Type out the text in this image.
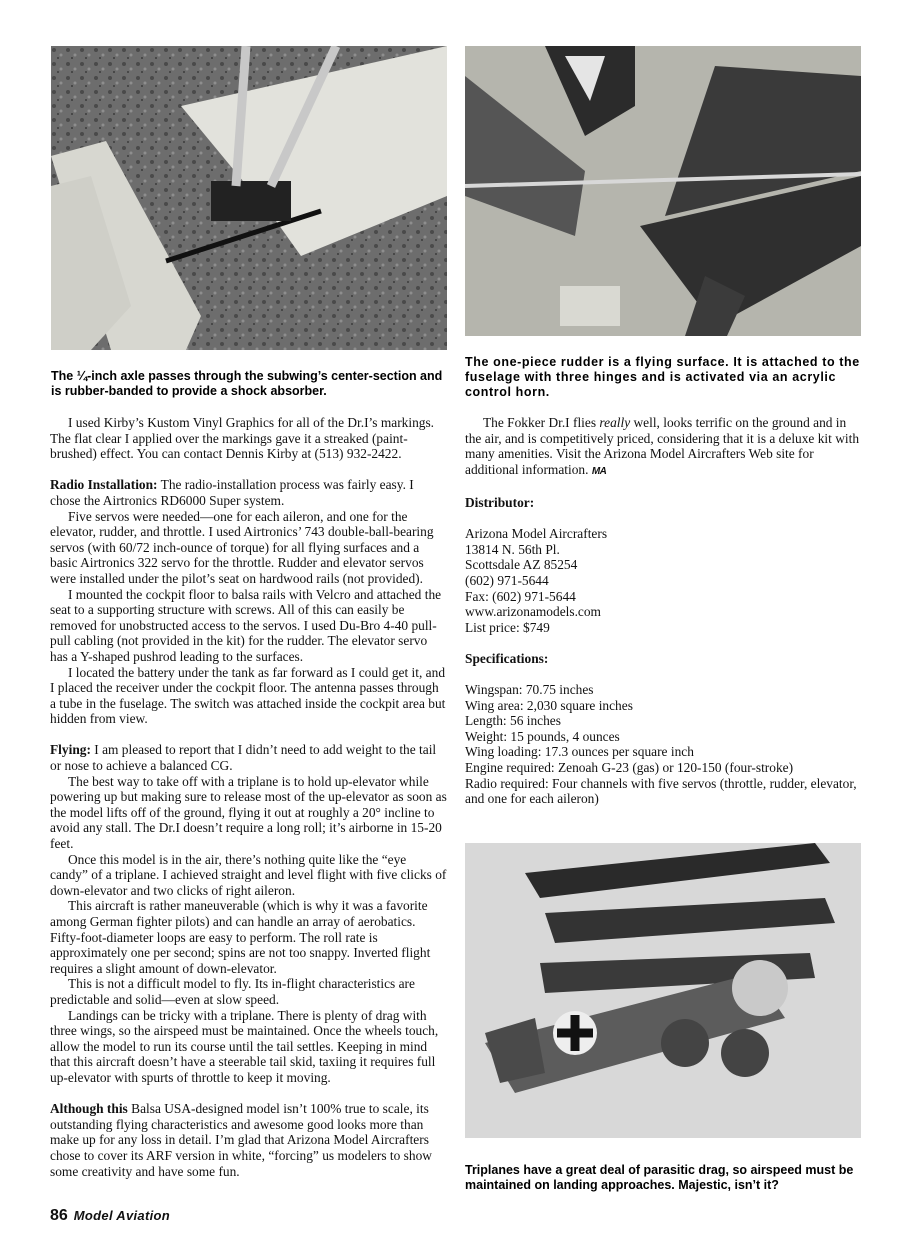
The ¼-inch axle passes through the subwing’s center-section and is rubber-banded to provide a shock absorber.

The one-piece rudder is a flying surface. It is attached to the fuselage with three hinges and is activated via an acrylic control horn.

I used Kirby’s Kustom Vinyl Graphics for all of the Dr.I’s markings. The flat clear I applied over the markings gave it a streaked (paint-brushed) effect. You can contact Dennis Kirby at (513) 932-2422.

Radio Installation: The radio-installation process was fairly easy. I chose the Airtronics RD6000 Super system.

Five servos were needed—one for each aileron, and one for the elevator, rudder, and throttle. I used Airtronics’ 743 double-ball-bearing servos (with 60/72 inch-ounce of torque) for all flying surfaces and a basic Airtronics 322 servo for the throttle. Rudder and elevator servos were installed under the pilot’s seat on hardwood rails (not provided).

I mounted the cockpit floor to balsa rails with Velcro and attached the seat to a supporting structure with screws. All of this can easily be removed for unobstructed access to the servos. I used Du-Bro 4-40 pull-pull cabling (not provided in the kit) for the rudder. The elevator servo has a Y-shaped pushrod leading to the surfaces.

I located the battery under the tank as far forward as I could get it, and I placed the receiver under the cockpit floor. The antenna passes through a tube in the fuselage. The switch was attached inside the cockpit area but hidden from view.

Flying: I am pleased to report that I didn’t need to add weight to the tail or nose to achieve a balanced CG.

The best way to take off with a triplane is to hold up-elevator while powering up but making sure to release most of the up-elevator as soon as the model lifts off of the ground, flying it out at roughly a 20° incline to avoid any stall. The Dr.I doesn’t require a long roll; it’s airborne in 15-20 feet.

Once this model is in the air, there’s nothing quite like the “eye candy” of a triplane. I achieved straight and level flight with five clicks of down-elevator and two clicks of right aileron.

This aircraft is rather maneuverable (which is why it was a favorite among German fighter pilots) and can handle an array of aerobatics. Fifty-foot-diameter loops are easy to perform. The roll rate is approximately one per second; spins are not too snappy. Inverted flight requires a slight amount of down-elevator.

This is not a difficult model to fly. Its in-flight characteristics are predictable and solid—even at slow speed.

Landings can be tricky with a triplane. There is plenty of drag with three wings, so the airspeed must be maintained. Once the wheels touch, allow the model to run its course until the tail settles. Keeping in mind that this aircraft doesn’t have a steerable tail skid, taxiing it requires full up-elevator with spurts of throttle to keep it moving.

Although this Balsa USA-designed model isn’t 100% true to scale, its outstanding flying characteristics and awesome good looks more than make up for any loss in detail. I’m glad that Arizona Model Aircrafters chose to cover its ARF version in white, “forcing” us modelers to show some creativity and have some fun.

The Fokker Dr.I flies really well, looks terrific on the ground and in the air, and is competitively priced, considering that it is a deluxe kit with many amenities. Visit the Arizona Model Aircrafters Web site for additional information. MA

Distributor:

Arizona Model Aircrafters

13814 N. 56th Pl.

Scottsdale AZ 85254

(602) 971-5644

Fax: (602) 971-5644

www.arizonamodels.com

List price: $749

Specifications:

Wingspan: 70.75 inches

Wing area: 2,030 square inches

Length: 56 inches

Weight: 15 pounds, 4 ounces

Wing loading: 17.3 ounces per square inch

Engine required: Zenoah G-23 (gas) or 120-150 (four-stroke)

Radio required: Four channels with five servos (throttle, rudder, elevator, and one for each aileron)

Triplanes have a great deal of parasitic drag, so airspeed must be maintained on landing approaches. Majestic, isn’t it?

86 Model Aviation
